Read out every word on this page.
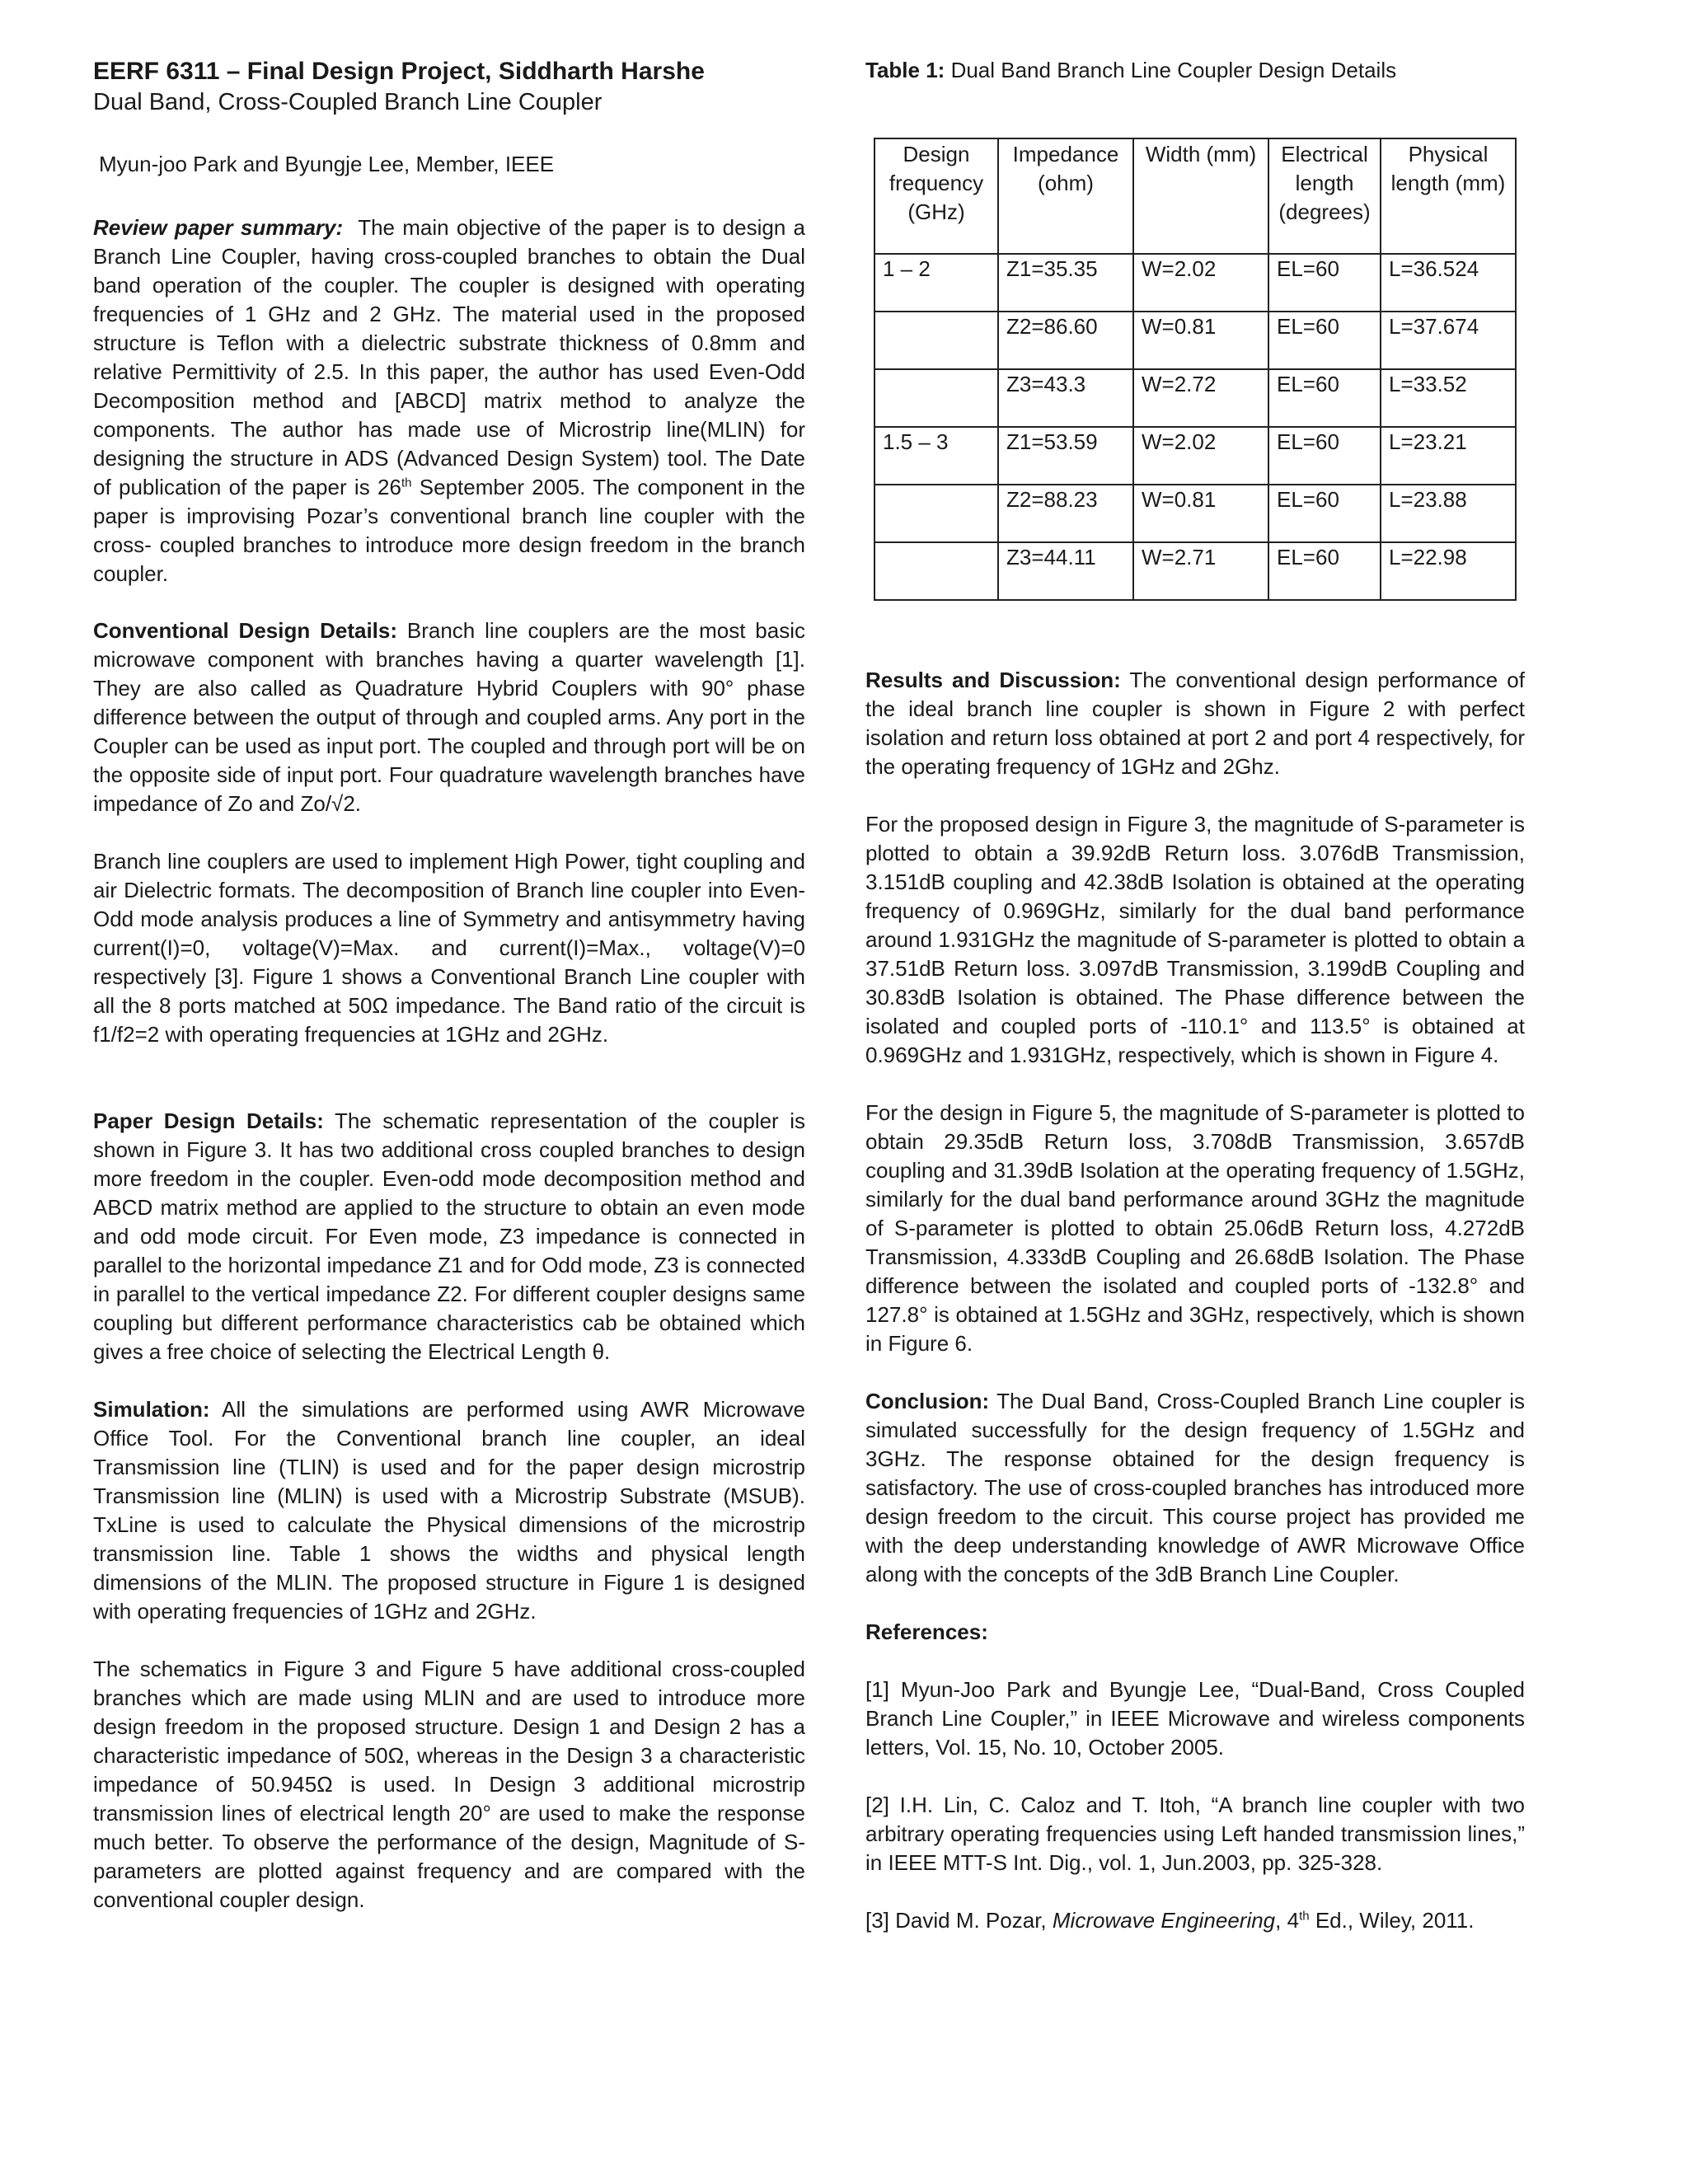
EERF 6311 – Final Design Project, Siddharth Harshe
Dual Band, Cross-Coupled Branch Line Coupler
Myun-joo Park and Byungje Lee, Member, IEEE

Review paper summary: The main objective of the paper is to design a Branch Line Coupler, having cross-coupled branches to obtain the Dual band operation of the coupler. The coupler is designed with operating frequencies of 1 GHz and 2 GHz. The material used in the proposed structure is Teflon with a dielectric substrate thickness of 0.8mm and relative Permittivity of 2.5. In this paper, the author has used Even-Odd Decomposition method and [ABCD] matrix method to analyze the components. The author has made use of Microstrip line(MLIN) for designing the structure in ADS (Advanced Design System) tool. The Date of publication of the paper is 26th September 2005. The component in the paper is improvising Pozar’s conventional branch line coupler with the cross- coupled branches to introduce more design freedom in the branch coupler.

Conventional Design Details: Branch line couplers are the most basic microwave component with branches having a quarter wavelength [1]. They are also called as Quadrature Hybrid Couplers with 90° phase difference between the output of through and coupled arms. Any port in the Coupler can be used as input port. The coupled and through port will be on the opposite side of input port. Four quadrature wavelength branches have impedance of Zo and Zo/√2.

Branch line couplers are used to implement High Power, tight coupling and air Dielectric formats. The decomposition of Branch line coupler into Even-Odd mode analysis produces a line of Symmetry and antisymmetry having current(I)=0, voltage(V)=Max. and current(I)=Max., voltage(V)=0 respectively [3]. Figure 1 shows a Conventional Branch Line coupler with all the 8 ports matched at 50Ω impedance. The Band ratio of the circuit is f1/f2=2 with operating frequencies at 1GHz and 2GHz.

Paper Design Details: The schematic representation of the coupler is shown in Figure 3. It has two additional cross coupled branches to design more freedom in the coupler. Even-odd mode decomposition method and ABCD matrix method are applied to the structure to obtain an even mode and odd mode circuit. For Even mode, Z3 impedance is connected in parallel to the horizontal impedance Z1 and for Odd mode, Z3 is connected in parallel to the vertical impedance Z2. For different coupler designs same coupling but different performance characteristics cab be obtained which gives a free choice of selecting the Electrical Length θ.

Simulation: All the simulations are performed using AWR Microwave Office Tool. For the Conventional branch line coupler, an ideal Transmission line (TLIN) is used and for the paper design microstrip Transmission line (MLIN) is used with a Microstrip Substrate (MSUB). TxLine is used to calculate the Physical dimensions of the microstrip transmission line. Table 1 shows the widths and physical length dimensions of the MLIN. The proposed structure in Figure 1 is designed with operating frequencies of 1GHz and 2GHz.

The schematics in Figure 3 and Figure 5 have additional cross-coupled branches which are made using MLIN and are used to introduce more design freedom in the proposed structure. Design 1 and Design 2 has a characteristic impedance of 50Ω, whereas in the Design 3 a characteristic impedance of 50.945Ω is used. In Design 3 additional microstrip transmission lines of electrical length 20° are used to make the response much better. To observe the performance of the design, Magnitude of S-parameters are plotted against frequency and are compared with the conventional coupler design.

Table 1: Dual Band Branch Line Coupler Design Details
Design frequency (GHz)	Impedance (ohm)	Width (mm)	Electrical length (degrees)	Physical length (mm)
1 – 2	Z1=35.35	W=2.02	EL=60	L=36.524
	Z2=86.60	W=0.81	EL=60	L=37.674
	Z3=43.3	W=2.72	EL=60	L=33.52
1.5 – 3	Z1=53.59	W=2.02	EL=60	L=23.21
	Z2=88.23	W=0.81	EL=60	L=23.88
	Z3=44.11	W=2.71	EL=60	L=22.98

Results and Discussion: The conventional design performance of the ideal branch line coupler is shown in Figure 2 with perfect isolation and return loss obtained at port 2 and port 4 respectively, for the operating frequency of 1GHz and 2Ghz.

For the proposed design in Figure 3, the magnitude of S-parameter is plotted to obtain a 39.92dB Return loss. 3.076dB Transmission, 3.151dB coupling and 42.38dB Isolation is obtained at the operating frequency of 0.969GHz, similarly for the dual band performance around 1.931GHz the magnitude of S-parameter is plotted to obtain a 37.51dB Return loss. 3.097dB Transmission, 3.199dB Coupling and 30.83dB Isolation is obtained. The Phase difference between the isolated and coupled ports of -110.1° and 113.5° is obtained at 0.969GHz and 1.931GHz, respectively, which is shown in Figure 4.

For the design in Figure 5, the magnitude of S-parameter is plotted to obtain 29.35dB Return loss, 3.708dB Transmission, 3.657dB coupling and 31.39dB Isolation at the operating frequency of 1.5GHz, similarly for the dual band performance around 3GHz the magnitude of S-parameter is plotted to obtain 25.06dB Return loss, 4.272dB Transmission, 4.333dB Coupling and 26.68dB Isolation. The Phase difference between the isolated and coupled ports of -132.8° and 127.8° is obtained at 1.5GHz and 3GHz, respectively, which is shown in Figure 6.

Conclusion: The Dual Band, Cross-Coupled Branch Line coupler is simulated successfully for the design frequency of 1.5GHz and 3GHz. The response obtained for the design frequency is satisfactory. The use of cross-coupled branches has introduced more design freedom to the circuit. This course project has provided me with the deep understanding knowledge of AWR Microwave Office along with the concepts of the 3dB Branch Line Coupler.

References:

[1] Myun-Joo Park and Byungje Lee, “Dual-Band, Cross Coupled Branch Line Coupler,” in IEEE Microwave and wireless components letters, Vol. 15, No. 10, October 2005.

[2] I.H. Lin, C. Caloz and T. Itoh, “A branch line coupler with two arbitrary operating frequencies using Left handed transmission lines,” in IEEE MTT-S Int. Dig., vol. 1, Jun.2003, pp. 325-328.

[3] David M. Pozar, Microwave Engineering, 4th Ed., Wiley, 2011.
